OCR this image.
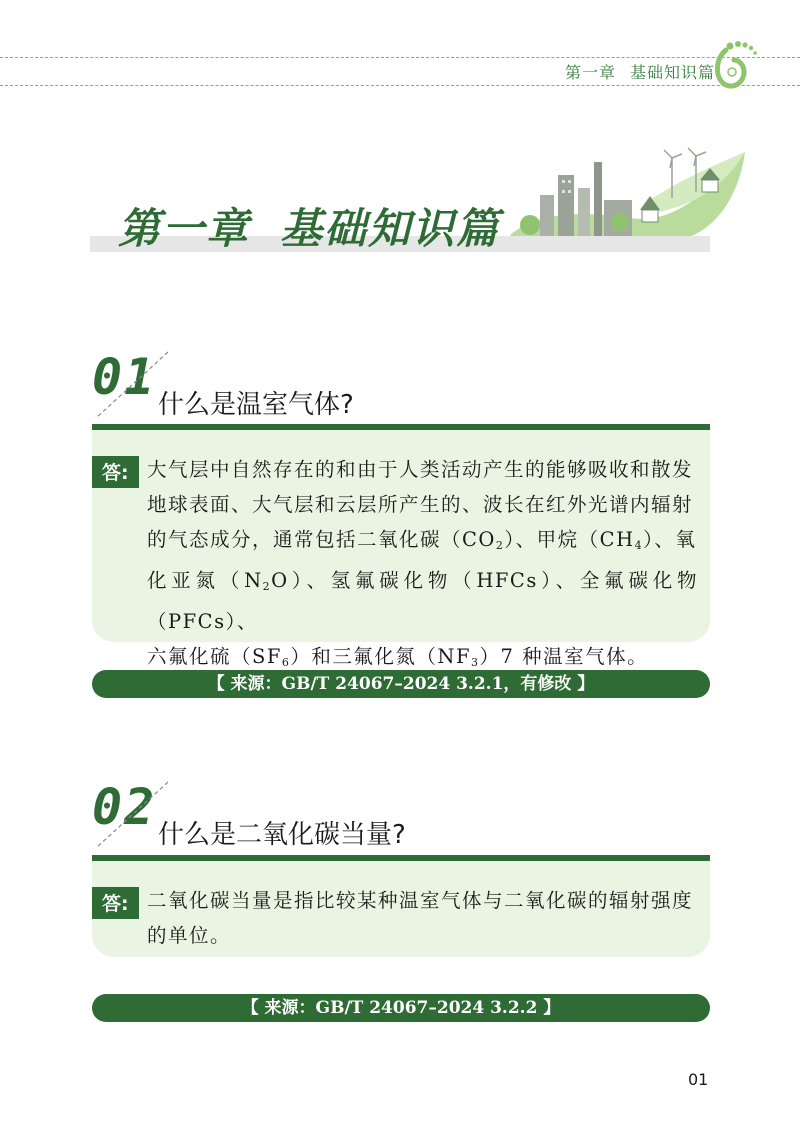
第一章 基础知识篇
第一章 基础知识篇
01 什么是温室气体?
答: 大气层中自然存在的和由于人类活动产生的能够吸收和散发
地球表面、大气层和云层所产生的、波长在红外光谱内辐射
的气态成分，通常包括二氧化碳$(CO_2)$、甲烷$(CH_4)$、氧
化亚氮$(N_2O)$、氢氟碳化物（HFCs）、全氟碳化物（PFCs）、
六氟化硫$(SF_6)$和三氟化氮$(NF_3)7$ 种温室气体。
【 来源：GB/T 24067–2024 3.2.1，有修改 】
02 什么是二氧化碳当量?
答: 二氧化碳当量是指比较某种温室气体与二氧化碳的辐射强度
的单位。
【 来源：GB/T 24067–2024 3.2.2 】
01
